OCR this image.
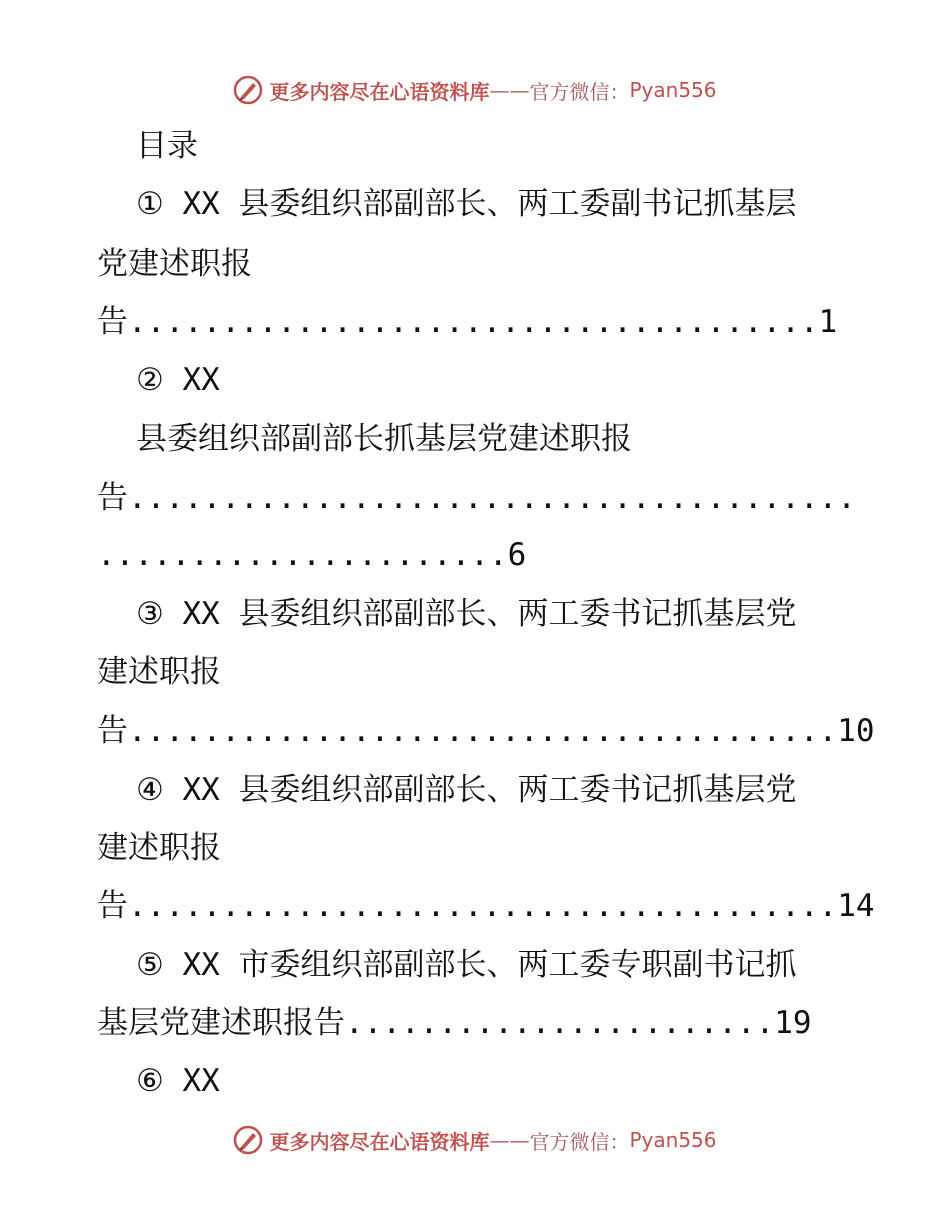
更多内容尽在心语资料库 —— 官方微信： Pyan556
目录
① XX 县委组织部副部长、两工委副书记抓基层
党建述职报
告.....................................1
② XX
县委组织部副部长抓基层党建述职报
告.......................................
......................6
③ XX 县委组织部副部长、两工委书记抓基层党
建述职报
告......................................10
④ XX 县委组织部副部长、两工委书记抓基层党
建述职报
告......................................14
⑤ XX 市委组织部副部长、两工委专职副书记抓
基层党建述职报告.......................19
⑥ XX
更多内容尽在心语资料库 —— 官方微信： Pyan556
